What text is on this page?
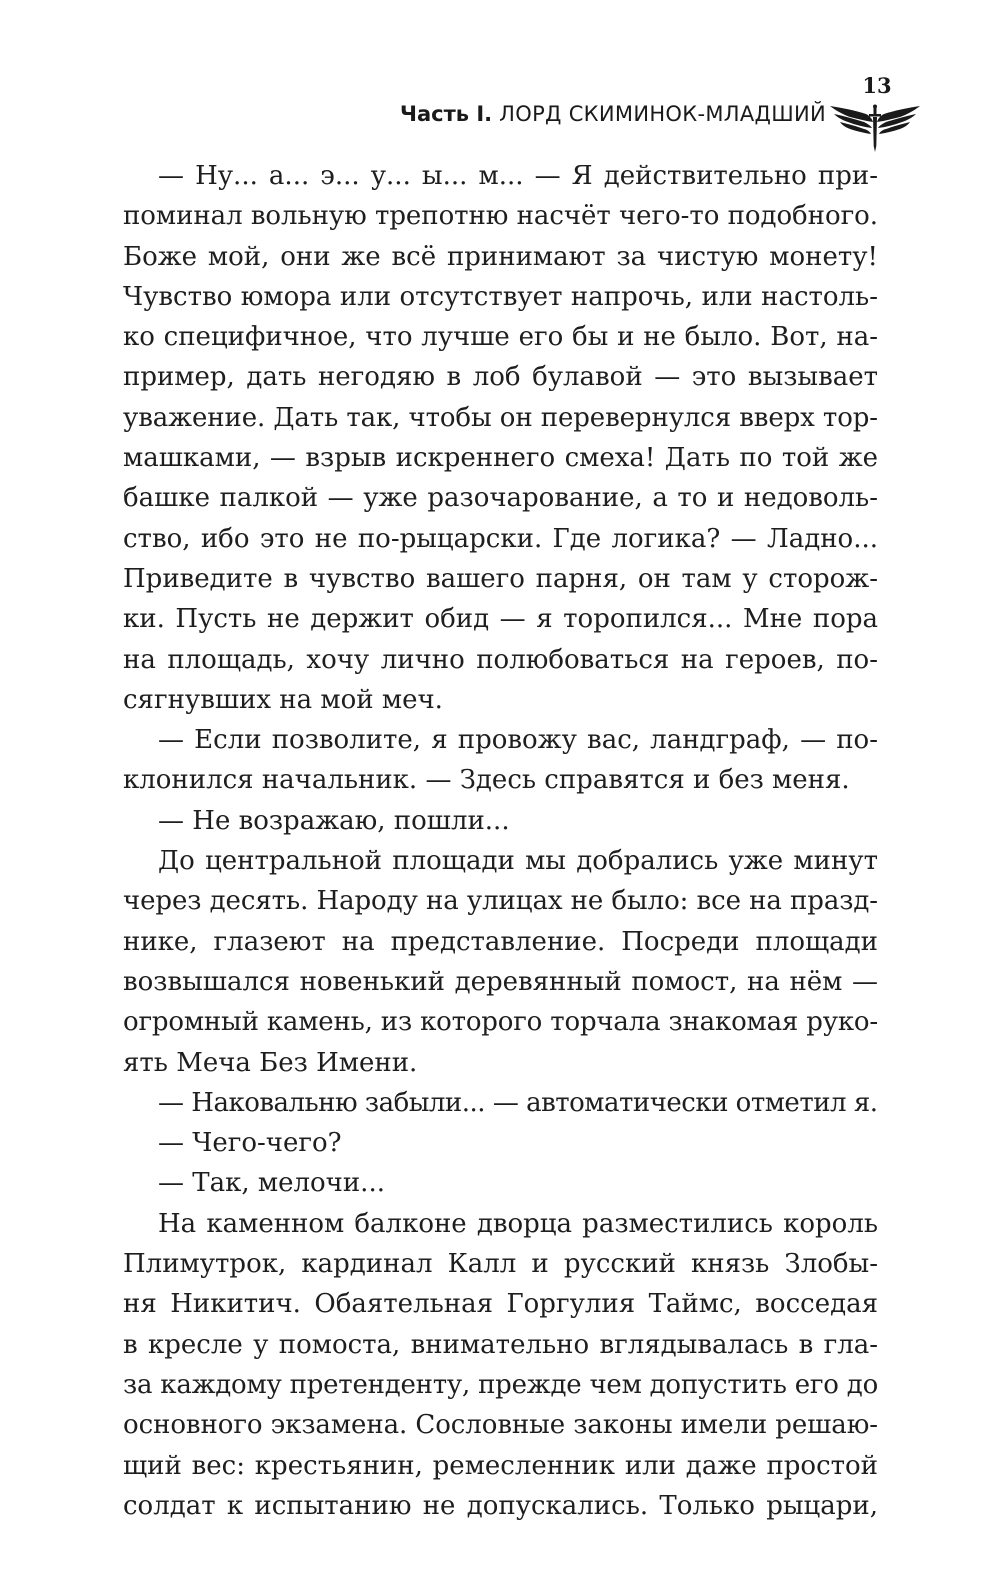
13
Часть I. ЛОРД СКИМИНОК-МЛАДШИЙ
— Ну... а... э... у... ы... м... — Я действительно при-
поминал вольную трепотню насчёт чего-то подобного.
Боже мой, они же всё принимают за чистую монету!
Чувство юмора или отсутствует напрочь, или настоль-
ко специфичное, что лучше его бы и не было. Вот, на-
пример, дать негодяю в лоб булавой — это вызывает
уважение. Дать так, чтобы он перевернулся вверх тор-
машками, — взрыв искреннего смеха! Дать по той же
башке палкой — уже разочарование, а то и недоволь-
ство, ибо это не по-рыцарски. Где логика? — Ладно...
Приведите в чувство вашего парня, он там у сторож-
ки. Пусть не держит обид — я торопился... Мне пора
на площадь, хочу лично полюбоваться на героев, по-
сягнувших на мой меч.
— Если позволите, я провожу вас, ландграф, — по-
клонился начальник. — Здесь справятся и без меня.
— Не возражаю, пошли...
До центральной площади мы добрались уже минут
через десять. Народу на улицах не было: все на празд-
нике, глазеют на представление. Посреди площади
возвышался новенький деревянный помост, на нём —
огромный камень, из которого торчала знакомая руко-
ять Меча Без Имени.
— Наковальню забыли... — автоматически отметил я.
— Чего-чего?
— Так, мелочи...
На каменном балконе дворца разместились король
Плимутрок, кардинал Калл и русский князь Злобы-
ня Никитич. Обаятельная Горгулия Таймс, восседая
в кресле у помоста, внимательно вглядывалась в гла-
за каждому претенденту, прежде чем допустить его до
основного экзамена. Сословные законы имели решаю-
щий вес: крестьянин, ремесленник или даже простой
солдат к испытанию не допускались. Только рыцари,
